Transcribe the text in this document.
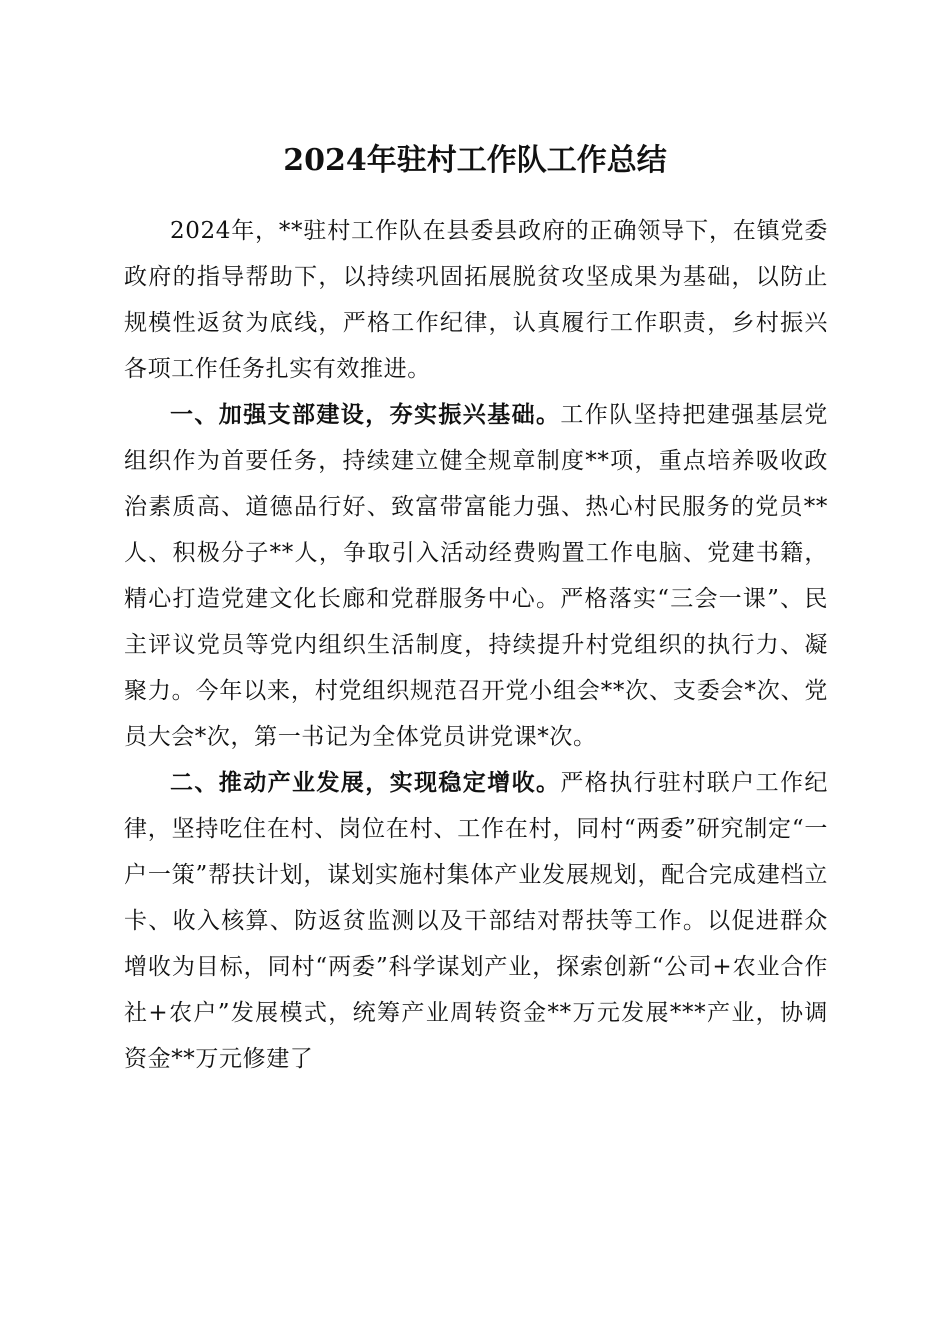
2024年驻村工作队工作总结

2024年，**驻村工作队在县委县政府的正确领导下，在镇党委政府的指导帮助下，以持续巩固拓展脱贫攻坚成果为基础，以防止规模性返贫为底线，严格工作纪律，认真履行工作职责，乡村振兴各项工作任务扎实有效推进。

一、加强支部建设，夯实振兴基础。工作队坚持把建强基层党组织作为首要任务，持续建立健全规章制度**项，重点培养吸收政治素质高、道德品行好、致富带富能力强、热心村民服务的党员**人、积极分子**人，争取引入活动经费购置工作电脑、党建书籍，精心打造党建文化长廊和党群服务中心。严格落实“三会一课”、民主评议党员等党内组织生活制度，持续提升村党组织的执行力、凝聚力。今年以来，村党组织规范召开党小组会**次、支委会*次、党员大会*次，第一书记为全体党员讲党课*次。

二、推动产业发展，实现稳定增收。严格执行驻村联户工作纪律，坚持吃住在村、岗位在村、工作在村，同村“两委”研究制定“一户一策”帮扶计划，谋划实施村集体产业发展规划，配合完成建档立卡、收入核算、防返贫监测以及干部结对帮扶等工作。以促进群众增收为目标，同村“两委”科学谋划产业，探索创新“公司+农业合作社+农户”发展模式，统筹产业周转资金**万元发展***产业，协调资金**万元修建了
